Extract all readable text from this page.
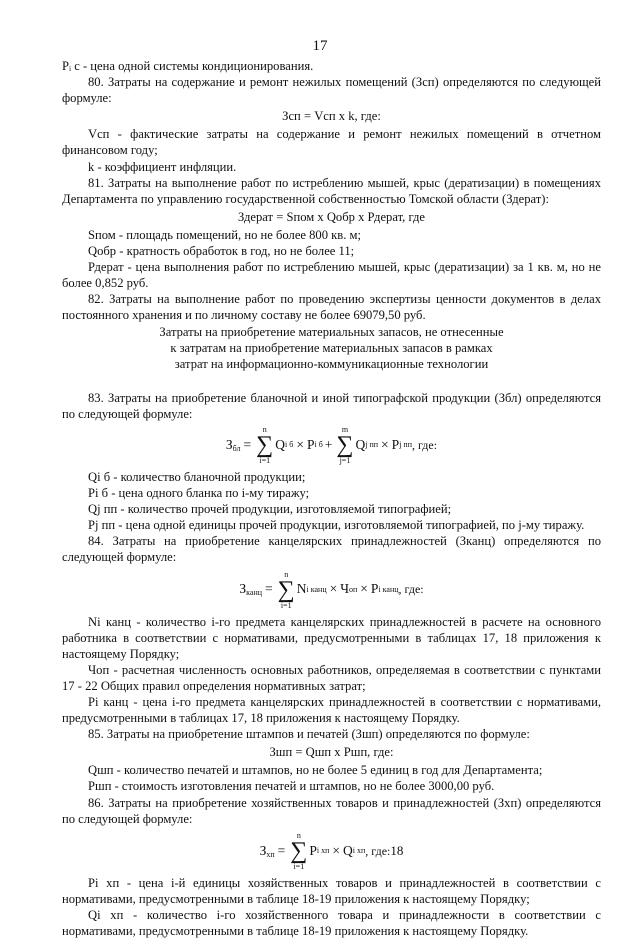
17

Рᵢ c - цена одной системы кондиционирования.

80. Затраты на содержание и ремонт нежилых помещений (Зсп) определяются по следующей формуле:

Зсп = Vсп x k, где:

Vсп - фактические затраты на содержание и ремонт нежилых помещений в отчетном финансовом году;

k - коэффициент инфляции.

81. Затраты на выполнение работ по истреблению мышей, крыс (дератизации) в помещениях Департамента по управлению государственной собственностью Томской области (Здерат):

Здерат = Sпом x Qобр x Рдерат, где

Sпом - площадь помещений, но не более 800 кв. м;

Qобр - кратность обработок в год, но не более 11;

Рдерат - цена выполнения работ по истреблению мышей, крыс (дератизации) за 1 кв. м, но не более 0,852 руб.

82. Затраты на выполнение работ по проведению экспертизы ценности документов в делах постоянного хранения и по личному составу не более 69079,50 руб.

Затраты на приобретение материальных запасов, не отнесенные

к затратам на приобретение материальных запасов в рамках

затрат на информационно-коммуникационные технологии

83. Затраты на приобретение бланочной и иной типографской продукции (Збл) определяются по следующей формуле:

$З_{бл}$ =
n
∑
i=1
Q i б × P i б +
m
∑
j=1
Q j пп × P j пп , где:

Qi б - количество бланочной продукции;

Рi б - цена одного бланка по i-му тиражу;

Qj пп - количество прочей продукции, изготовляемой типографией;

Рj пп - цена одной единицы прочей продукции, изготовляемой типографией, по j-му тиражу.

84. Затраты на приобретение канцелярских принадлежностей (Зканц) определяются по следующей формуле:

$З_{канц}$ =
n
∑
i=1
N i канц × Ч оп × P i канц , где:

Ni канц - количество i-го предмета канцелярских принадлежностей в расчете на основного работника в соответствии с нормативами, предусмотренными в таблицах 17, 18 приложения к настоящему Порядку;

Чоп - расчетная численность основных работников, определяемая в соответствии с пунктами 17 - 22 Общих правил определения нормативных затрат;

Рi канц - цена i-го предмета канцелярских принадлежностей в соответствии с нормативами, предусмотренными в таблицах 17, 18 приложения к настоящему Порядку.

85. Затраты на приобретение штампов и печатей (Зшп) определяются по формуле:

Зшп = Qшп x Ршп, где:

Qшп - количество печатей и штампов, но не более 5 единиц в год для Департамента;

Ршп - стоимость изготовления печатей и штампов, но не более 3000,00 руб.

86. Затраты на приобретение хозяйственных товаров и принадлежностей (Зхп) определяются по следующей формуле:

$З_{хп}$ =
n
∑
i=1
P i хп × Q i хп , где: 18

Рi хп - цена i-й единицы хозяйственных товаров и принадлежностей в соответствии с нормативами, предусмотренными в таблице 18-19 приложения к настоящему Порядку;

Qi хп - количество i-го хозяйственного товара и принадлежности в соответствии с нормативами, предусмотренными в таблице 18-19 приложения к настоящему Порядку.
